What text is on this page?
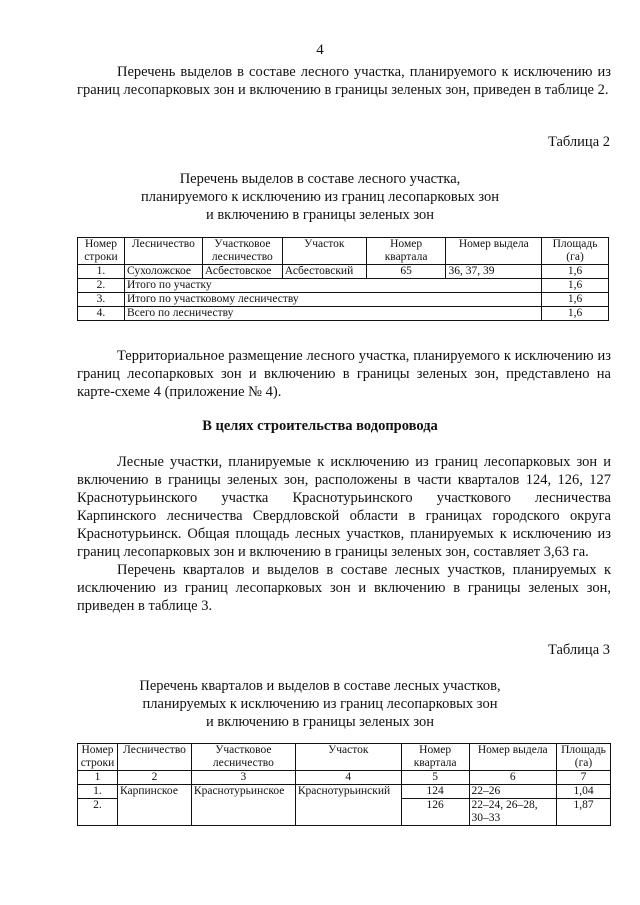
4

Перечень выделов в составе лесного участка, планируемого к исключению из границ лесопарковых зон и включению в границы зеленых зон, приведен в таблице 2.

Таблица 2
Перечень выделов в составе лесного участка,
планируемого к исключению из границ лесопарковых зон
и включению в границы зеленых зон
Номер строки	Лесничество	Участковое лесничество	Участок	Номер квартала	Номер выдела	Площадь (га)
1.	Сухоложское	Асбестовское	Асбестовский	65	36, 37, 39	1,6
2.	Итого по участку					1,6
3.	Итого по участковому лесничеству					1,6
4.	Всего по лесничеству					1,6

Территориальное размещение лесного участка, планируемого к исключению из границ лесопарковых зон и включению в границы зеленых зон, представлено на карте-схеме 4 (приложение № 4).

В целях строительства водопровода

Лесные участки, планируемые к исключению из границ лесопарковых зон и включению в границы зеленых зон, расположены в части кварталов 124, 126, 127 Краснотурьинского участка Краснотурьинского участкового лесничества Карпинского лесничества Свердловской области в границах городского округа Краснотурьинск. Общая площадь лесных участков, планируемых к исключению из границ лесопарковых зон и включению в границы зеленых зон, составляет 3,63 га.

Перечень кварталов и выделов в составе лесных участков, планируемых к исключению из границ лесопарковых зон и включению в границы зеленых зон, приведен в таблице 3.

Таблица 3
Перечень кварталов и выделов в составе лесных участков,
планируемых к исключению из границ лесопарковых зон
и включению в границы зеленых зон
Номер строки	Лесничество	Участковое лесничество	Участок	Номер квартала	Номер выдела	Площадь (га)
1	2	3	4	5	6	7
1.	Карпинское	Краснотурьинское	Краснотурьинский	124	22–26	1,04
2.				126	22–24, 26–28, 30–33	1,87
